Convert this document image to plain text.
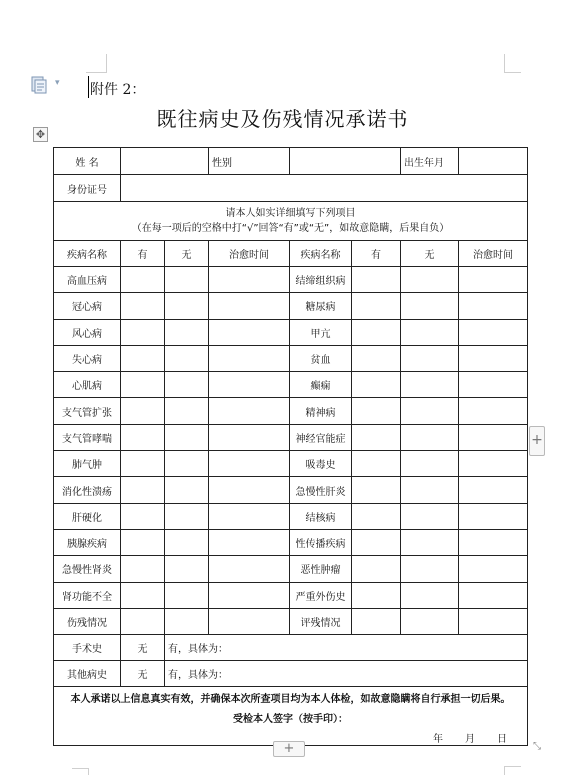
▾ 附件 2：
既往病史及伤残情况承诺书
✥
姓 名			性别			出生年月	
身份证号							

请本人如实详细填写下列项目
（在每一项后的空格中打“√”回答“有”或“无”，如故意隐瞒，后果自负）							

疾病名称	有	无	治愈时间	疾病名称	有	无	治愈时间
高血压病				结缔组织病			
冠心病				糖尿病			
风心病				甲亢			
失心病				贫血			
心肌病				癫痫			
支气管扩张				精神病			
支气管哮喘				神经官能症			
肺气肿				吸毒史			
消化性溃疡				急慢性肝炎			
肝硬化				结核病			
胰腺疾病				性传播疾病			
急慢性肾炎				恶性肿瘤			
肾功能不全				严重外伤史			
伤残情况				评残情况			
手术史	无	有，具体为：					
其他病史	无	有，具体为：					

本人承诺以上信息真实有效，并确保本次所查项目均为本人体检，如故意隐瞒将自行承担一切后果。
受检本人签字（按手印）：
年 月 日							
+
+	⤡
